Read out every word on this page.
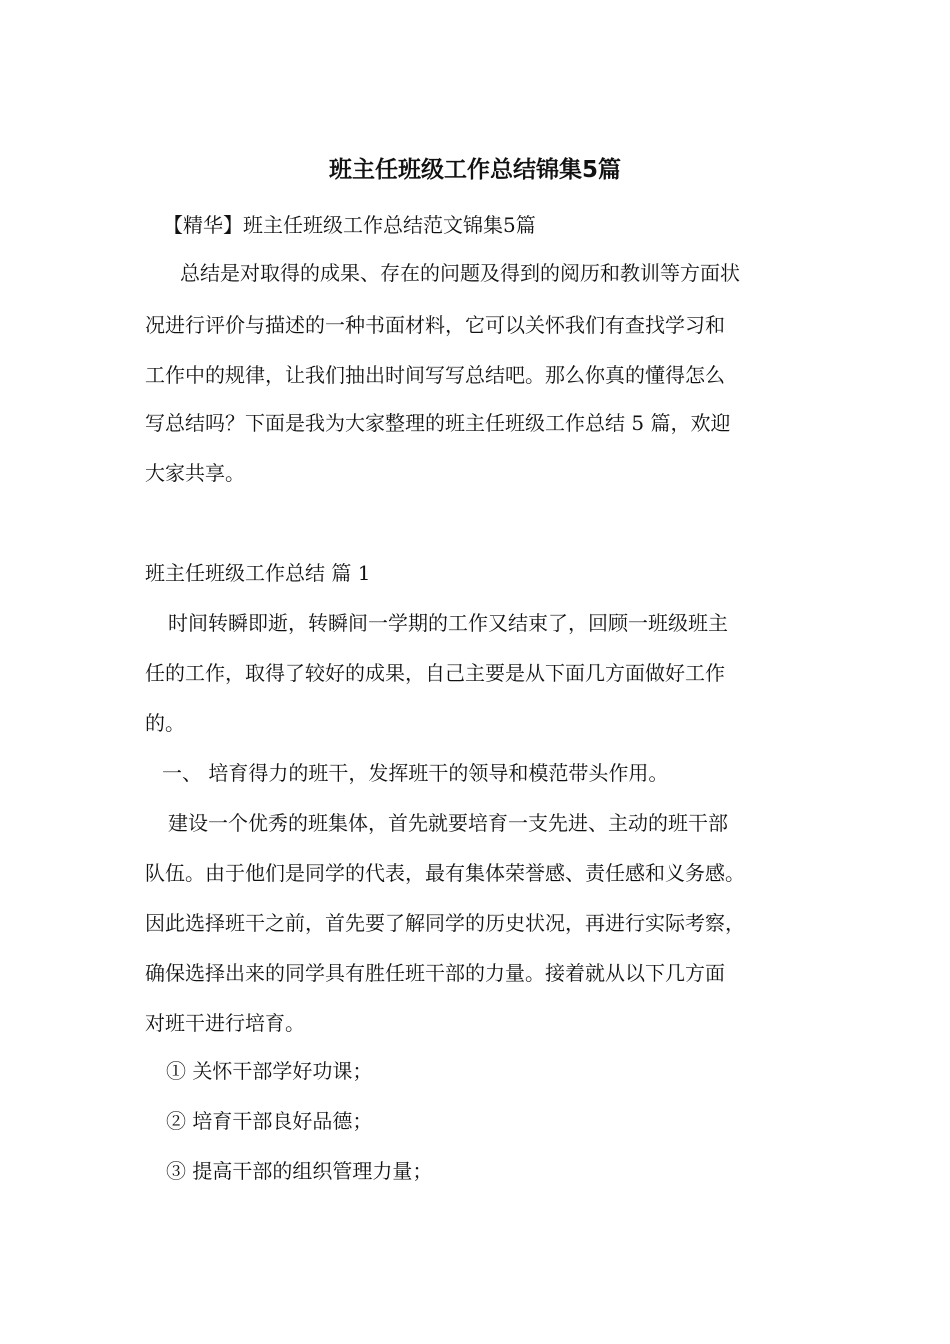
班主任班级工作总结锦集5篇

【精华】班主任班级工作总结范文锦集5篇

总结是对取得的成果、存在的问题及得到的阅历和教训等方面状

况进行评价与描述的一种书面材料，它可以关怀我们有查找学习和

工作中的规律，让我们抽出时间写写总结吧。那么你真的懂得怎么

写总结吗？下面是我为大家整理的班主任班级工作总结 5 篇，欢迎

大家共享。

班主任班级工作总结 篇 1

时间转瞬即逝，转瞬间一学期的工作又结束了，回顾一班级班主

任的工作，取得了较好的成果，自己主要是从下面几方面做好工作

的。

一、 培育得力的班干，发挥班干的领导和模范带头作用。

建设一个优秀的班集体，首先就要培育一支先进、主动的班干部

队伍。由于他们是同学的代表，最有集体荣誉感、责任感和义务感。

因此选择班干之前，首先要了解同学的历史状况，再进行实际考察，

确保选择出来的同学具有胜任班干部的力量。接着就从以下几方面

对班干进行培育。

① 关怀干部学好功课；

② 培育干部良好品德；

③ 提高干部的组织管理力量；
